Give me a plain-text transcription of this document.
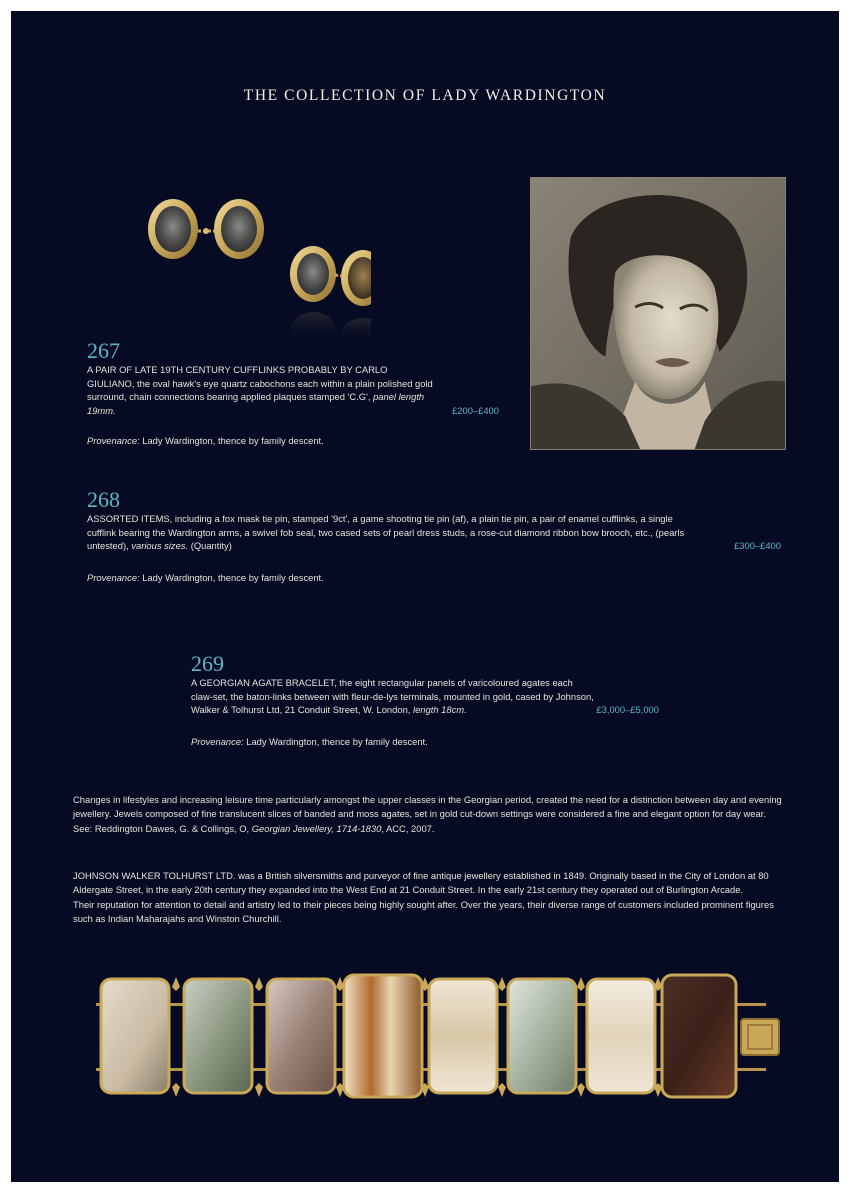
THE COLLECTION OF LADY WARDINGTON
267
A PAIR OF LATE 19TH CENTURY CUFFLINKS PROBABLY BY CARLO
GIULIANO, the oval hawk's eye quartz cabochons each within a plain polished gold
surround, chain connections bearing applied plaques stamped 'C.G', panel length
19mm.	£200–£400
Provenance: Lady Wardington, thence by family descent.
268
ASSORTED ITEMS, including a fox mask tie pin, stamped '9ct', a game shooting tie pin (af), a plain tie pin, a pair of enamel cufflinks, a single
cufflink bearing the Wardington arms, a swivel fob seal, two cased sets of pearl dress studs, a rose-cut diamond ribbon bow brooch, etc., (pearls
untested), various sizes. (Quantity)	£300–£400
Provenance: Lady Wardington, thence by family descent.
269
A GEORGIAN AGATE BRACELET, the eight rectangular panels of varicoloured agates each
claw-set, the baton-links between with fleur-de-lys terminals, mounted in gold, cased by Johnson,
Walker & Tolhurst Ltd, 21 Conduit Street, W. London, length 18cm.	£3,000–£5,000
Provenance: Lady Wardington, thence by family descent.

Changes in lifestyles and increasing leisure time particularly amongst the upper classes in the Georgian period, created the need for a distinction between day and evening jewellery. Jewels composed of fine translucent slices of banded and moss agates, set in gold cut-down settings were considered a fine and elegant option for day wear.

See: Reddington Dawes, G. & Collings, O, Georgian Jewellery, 1714-1830, ACC, 2007.

JOHNSON WALKER TOLHURST LTD. was a British silversmiths and purveyor of fine antique jewellery established in 1849. Originally based in the City of London at 80 Aldergate Street, in the early 20th century they expanded into the West End at 21 Conduit Street. In the early 21st century they operated out of Burlington Arcade.

Their reputation for attention to detail and artistry led to their pieces being highly sought after. Over the years, their diverse range of customers included prominent figures such as Indian Maharajahs and Winston Churchill.
